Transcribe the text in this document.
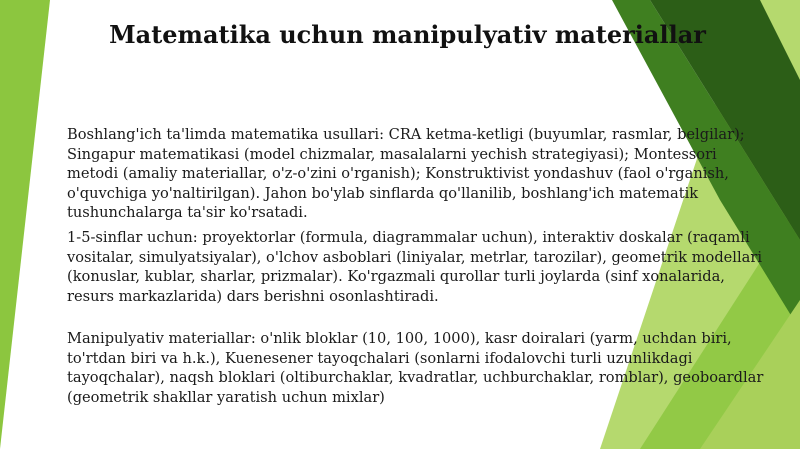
Matematika uchun manipulyativ materiallar

Boshlang'ich ta'limda matematika usullari: CRA ketma-ketligi (buyumlar, rasmlar, belgilar); Singapur matematikasi (model chizmalar, masalalarni yechish strategiyasi); Montessori metodi (amaliy materiallar, o'z-o'zini o'rganish); Konstruktivist yondashuv (faol o'rganish, o'quvchiga yo'naltirilgan). Jahon bo'ylab sinflarda qo'llanilib, boshlang'ich matematik tushunchalarga ta'sir ko'rsatadi.

1-5-sinflar uchun: proyektorlar (formula, diagrammalar uchun), interaktiv doskalar (raqamli vositalar, simulyatsiyalar), o'lchov asboblari (liniyalar, metrlar, tarozilar), geometrik modellari (konuslar, kublar, sharlar, prizmalar). Ko'rgazmali qurollar turli joylarda (sinf xonalarida, resurs markazlarida) dars berishni osonlashtiradi.

Manipulyativ materiallar: o'nlik bloklar (10, 100, 1000), kasr doiralari (yarm, uchdan biri, to'rtdan biri va h.k.), Kuenesener tayoqchalari (sonlarni ifodalovchi turli uzunlikdagi tayoqchalar), naqsh bloklari (oltiburchaklar, kvadratlar, uchburchaklar, romblar), geoboardlar (geometrik shakllar yaratish uchun mixlar)
